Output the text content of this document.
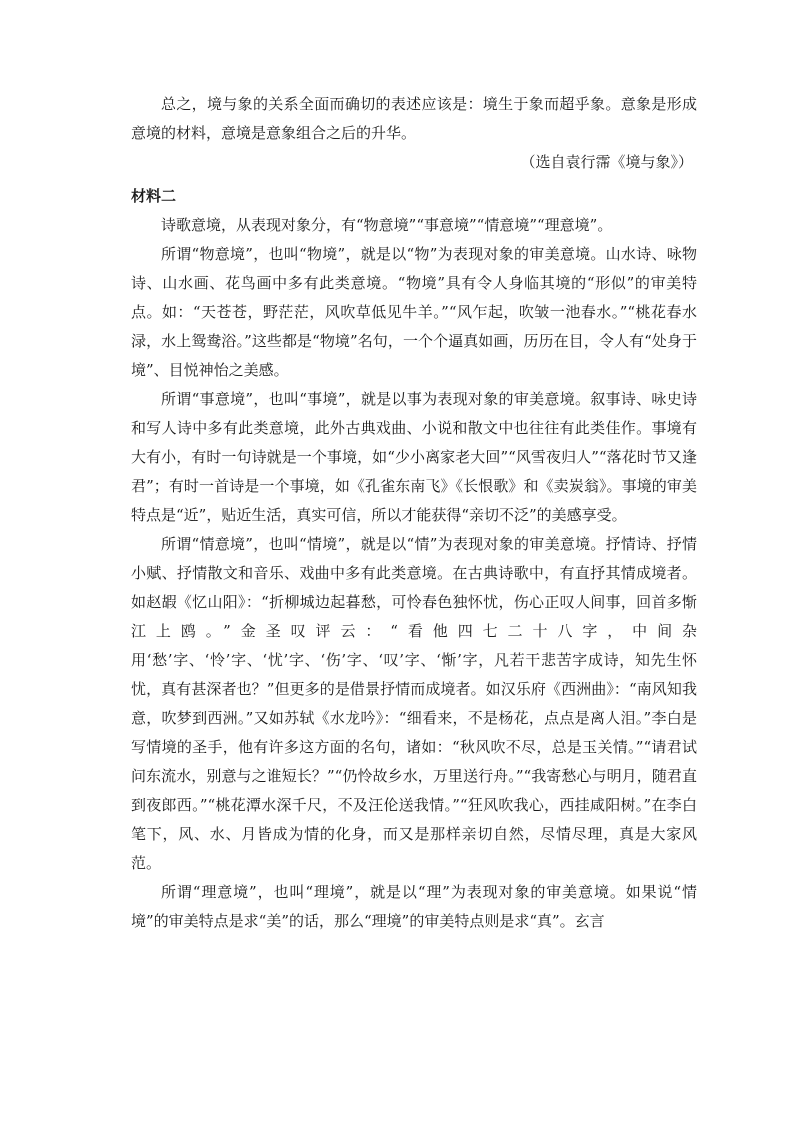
总之，境与象的关系全面而确切的表述应该是：境生于象而超乎象。意象是形成意境的材料，意境是意象组合之后的升华。

（选自袁行霈《境与象》）

材料二

诗歌意境，从表现对象分，有“物意境”“事意境”“情意境”“理意境”。

所谓“物意境”，也叫“物境”，就是以“物”为表现对象的审美意境。山水诗、咏物诗、山水画、花鸟画中多有此类意境。“物境”具有令人身临其境的“形似”的审美特点。如：“天苍苍，野茫茫，风吹草低见牛羊。”“风乍起，吹皱一池春水。”“桃花春水渌，水上鸳鸯浴。”这些都是“物境”名句，一个个逼真如画，历历在目，令人有“处身于境”、目悦神怡之美感。

所谓“事意境”，也叫“事境”，就是以事为表现对象的审美意境。叙事诗、咏史诗和写人诗中多有此类意境，此外古典戏曲、小说和散文中也往往有此类佳作。事境有大有小，有时一句诗就是一个事境，如“少小离家老大回”“风雪夜归人”“落花时节又逢君”；有时一首诗是一个事境，如《孔雀东南飞》《长恨歌》和《卖炭翁》。事境的审美特点是“近”，贴近生活，真实可信，所以才能获得“亲切不泛”的美感享受。

所谓“情意境”，也叫“情境”，就是以“情”为表现对象的审美意境。抒情诗、抒情小赋、抒情散文和音乐、戏曲中多有此类意境。在古典诗歌中，有直抒其情成境者。如赵嘏《忆山阳》：“折柳城边起暮愁，可怜春色独怀忧，伤心正叹人间事，回首多惭江上鸥。”金圣叹评云：“看他四七二十八字，中间杂用‘愁’字、‘怜’字、‘忧’字、‘伤’字、‘叹’字、‘惭’字，凡若干悲苦字成诗，知先生怀忧，真有甚深者也？”但更多的是借景抒情而成境者。如汉乐府《西洲曲》：“南风知我意，吹梦到西洲。”又如苏轼《水龙吟》：“细看来，不是杨花，点点是离人泪。”李白是写情境的圣手，他有许多这方面的名句，诸如：“秋风吹不尽，总是玉关情。”“请君试问东流水，别意与之谁短长？”“仍怜故乡水，万里送行舟。”“我寄愁心与明月，随君直到夜郎西。”“桃花潭水深千尺，不及汪伦送我情。”“狂风吹我心，西挂咸阳树。”在李白笔下，风、水、月皆成为情的化身，而又是那样亲切自然，尽情尽理，真是大家风范。

所谓“理意境”，也叫“理境”，就是以“理”为表现对象的审美意境。如果说“情境”的审美特点是求“美”的话，那么“理境”的审美特点则是求“真”。玄言
